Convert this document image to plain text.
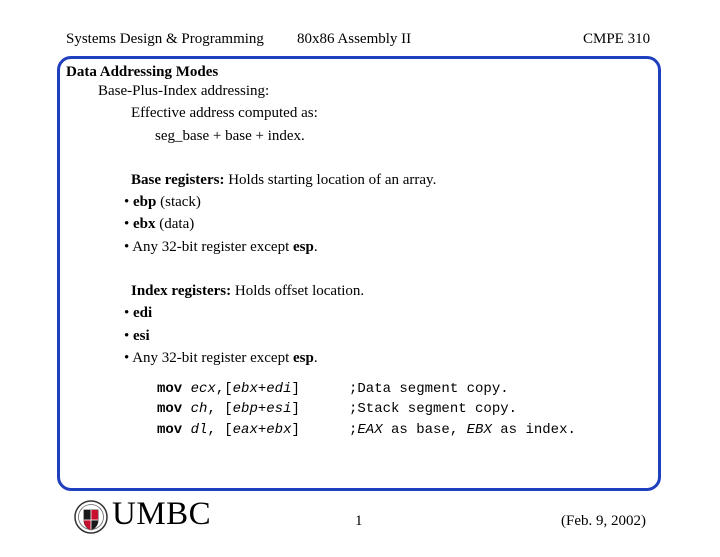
Systems Design & Programming 80x86 Assembly II	CMPE 310
Data Addressing Modes
Base-Plus-Index addressing:
Effective address computed as:
seg_base + base + index.
Base registers: Holds starting location of an array.
• ebp (stack)
• ebx (data)
• Any 32-bit register except esp.
Index registers: Holds offset location.
• edi
• esi
• Any 32-bit register except esp.
mov ecx,[ebx+edi]	;Data segment copy.
mov ch, [ebp+esi]	;Stack segment copy.
mov dl, [eax+ebx]	;EAX as base, EBX as index.
UMBC	1	(Feb. 9, 2002)
